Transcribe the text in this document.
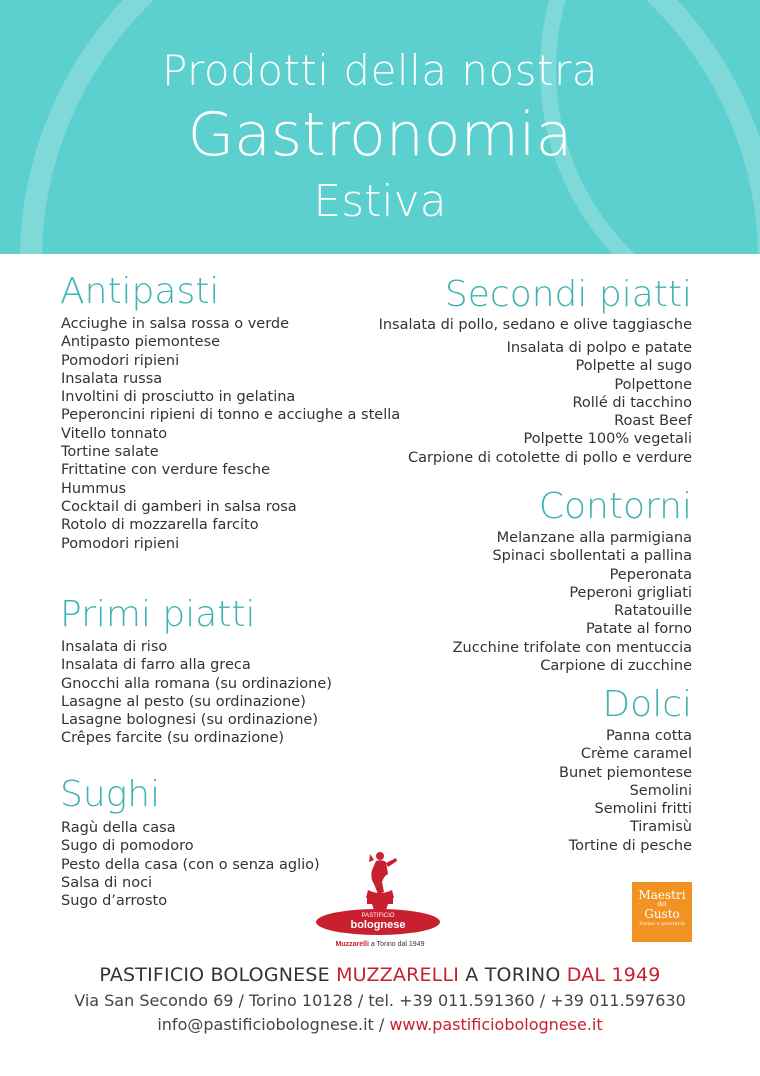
Prodotti della nostra
Gastronomia
Estiva
Antipasti
Acciughe in salsa rossa o verde
Antipasto piemontese
Pomodori ripieni
Insalata russa
Involtini di prosciutto in gelatina
Peperoncini ripieni di tonno e acciughe a stella
Vitello tonnato
Tortine salate
Frittatine con verdure fesche
Hummus
Cocktail di gamberi in salsa rosa
Rotolo di mozzarella farcito
Pomodori ripieni
Primi piatti
Insalata di riso
Insalata di farro alla greca
Gnocchi alla romana (su ordinazione)
Lasagne al pesto (su ordinazione)
Lasagne bolognesi (su ordinazione)
Crêpes farcite (su ordinazione)
Sughi
Ragù della casa
Sugo di pomodoro
Pesto della casa (con o senza aglio)
Salsa di noci
Sugo d’arrosto
Secondi piatti
Insalata di pollo, sedano e olive taggiasche
Insalata di polpo e patate
Polpette al sugo
Polpettone
Rollé di tacchino
Roast Beef
Polpette 100% vegetali
Carpione di cotolette di pollo e verdure
Contorni
Melanzane alla parmigiana
Spinaci sbollentati a pallina
Peperonata
Peperoni grigliati
Ratatouille
Patate al forno
Zucchine trifolate con mentuccia
Carpione di zucchine
Dolci
Panna cotta
Crème caramel
Bunet piemontese
Semolini
Semolini fritti
Tiramisù
Tortine di pesche
PASTIFICIO
bolognese
Muzzarelli a Torino dal 1949
Maestri
del
Gusto
Torino e provincia
PASTIFICIO BOLOGNESE MUZZARELLI A TORINO DAL 1949
Via San Secondo 69 / Torino 10128 / tel. +39 011.591360 / +39 011.597630
info@pastificiobolognese.it / www.pastificiobolognese.it
